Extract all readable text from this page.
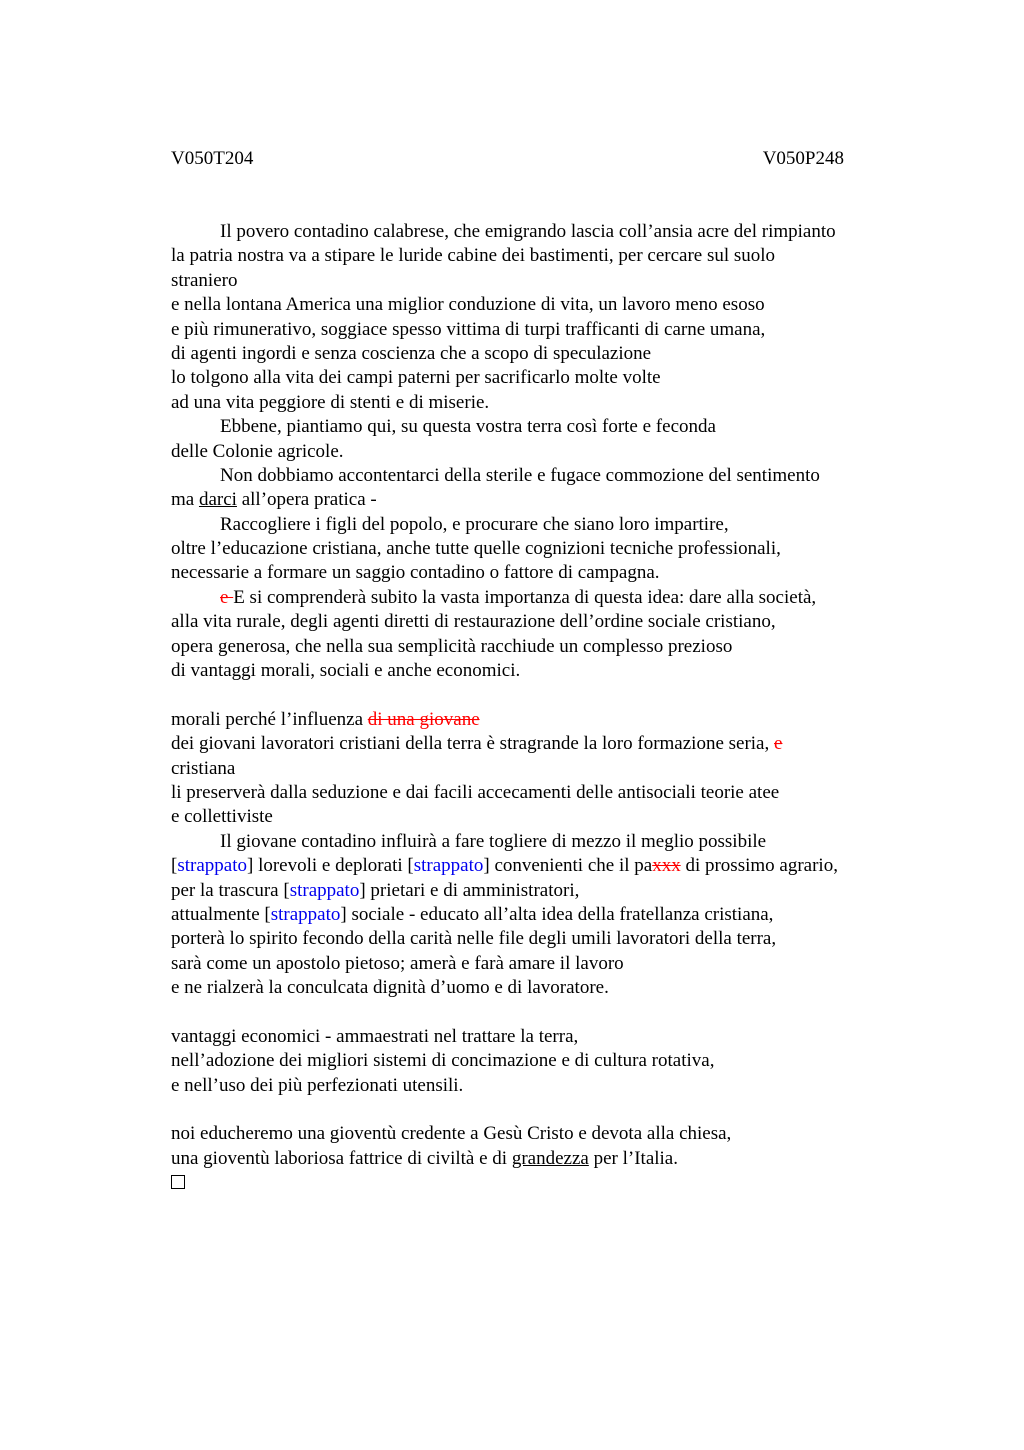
V050T204	V050P248
Il povero contadino calabrese, che emigrando lascia coll’ansia acre del rimpianto
la patria nostra va a stipare le luride cabine dei bastimenti, per cercare sul suolo
straniero
e nella lontana America una miglior conduzione di vita, un lavoro meno esoso
e più rimunerativo, soggiace spesso vittima di turpi trafficanti di carne umana,
di agenti ingordi e senza coscienza che a scopo di speculazione
lo tolgono alla vita dei campi paterni per sacrificarlo molte volte
ad una vita peggiore di stenti e di miserie.
Ebbene, piantiamo qui, su questa vostra terra così forte e feconda
delle Colonie agricole.
Non dobbiamo accontentarci della sterile e fugace commozione del sentimento
ma darci all’opera pratica -
Raccogliere i figli del popolo, e procurare che siano loro impartire,
oltre l’educazione cristiana, anche tutte quelle cognizioni tecniche professionali,
necessarie a formare un saggio contadino o fattore di campagna.
e E si comprenderà subito la vasta importanza di questa idea: dare alla società,
alla vita rurale, degli agenti diretti di restaurazione dell’ordine sociale cristiano,
opera generosa, che nella sua semplicità racchiude un complesso prezioso
di vantaggi morali, sociali e anche economici.
morali perché l’influenza di una giovane
dei giovani lavoratori cristiani della terra è stragrande la loro formazione seria, e
cristiana
li preserverà dalla seduzione e dai facili accecamenti delle antisociali teorie atee
e collettiviste
Il giovane contadino influirà a fare togliere di mezzo il meglio possibile
[strappato] lorevoli e deplorati [strappato] convenienti che il paxxx di prossimo agrario,
per la trascura [strappato] prietari e di amministratori,
attualmente [strappato] sociale - educato all’alta idea della fratellanza cristiana,
porterà lo spirito fecondo della carità nelle file degli umili lavoratori della terra,
sarà come un apostolo pietoso; amerà e farà amare il lavoro
e ne rialzerà la conculcata dignità d’uomo e di lavoratore.
vantaggi economici - ammaestrati nel trattare la terra,
nell’adozione dei migliori sistemi di concimazione e di cultura rotativa,
e nell’uso dei più perfezionati utensili.
noi educheremo una gioventù credente a Gesù Cristo e devota alla chiesa,
una gioventù laboriosa fattrice di civiltà e di grandezza per l’Italia.
